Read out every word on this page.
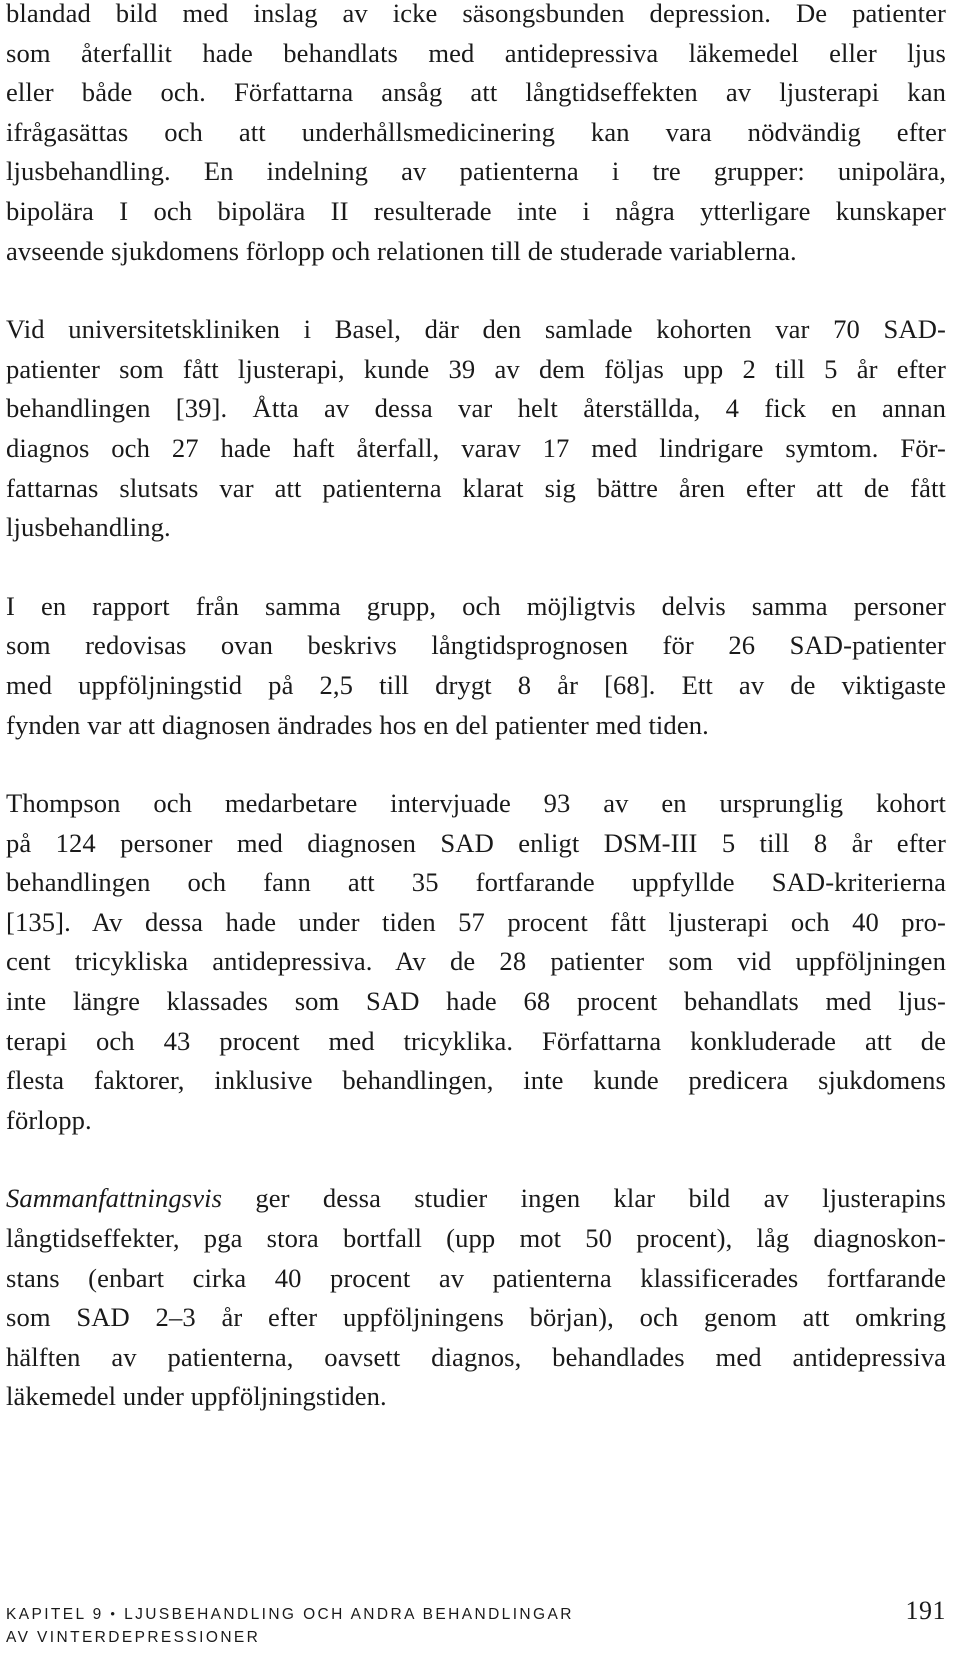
blandad bild med inslag av icke säsongsbunden depression. De patienter
som återfallit hade behandlats med antidepressiva läkemedel eller ljus
eller både och. Författarna ansåg att långtidseffekten av ljusterapi kan
ifrågasättas och att underhållsmedicinering kan vara nödvändig efter
ljusbehandling. En indelning av patienterna i tre grupper: unipolära,
bipolära I och bipolära II resulterade inte i några ytterligare kunskaper
avseende sjukdomens förlopp och relationen till de studerade variablerna.
Vid universitetskliniken i Basel, där den samlade kohorten var 70 SAD-
patienter som fått ljusterapi, kunde 39 av dem följas upp 2 till 5 år efter
behandlingen [39]. Åtta av dessa var helt återställda, 4 fick en annan
diagnos och 27 hade haft återfall, varav 17 med lindrigare symtom. För-
fattarnas slutsats var att patienterna klarat sig bättre åren efter att de fått
ljusbehandling.
I en rapport från samma grupp, och möjligtvis delvis samma personer
som redovisas ovan beskrivs långtidsprognosen för 26 SAD-patienter
med uppföljningstid på 2,5 till drygt 8 år [68]. Ett av de viktigaste
fynden var att diagnosen ändrades hos en del patienter med tiden.
Thompson och medarbetare intervjuade 93 av en ursprunglig kohort
på 124 personer med diagnosen SAD enligt DSM-III 5 till 8 år efter
behandlingen och fann att 35 fortfarande uppfyllde SAD-kriterierna
[135]. Av dessa hade under tiden 57 procent fått ljusterapi och 40 pro-
cent tricykliska antidepressiva. Av de 28 patienter som vid uppföljningen
inte längre klassades som SAD hade 68 procent behandlats med ljus-
terapi och 43 procent med tricyklika. Författarna konkluderade att de
flesta faktorer, inklusive behandlingen, inte kunde predicera sjukdomens
förlopp.
Sammanfattningsvis ger dessa studier ingen klar bild av ljusterapins
långtidseffekter, pga stora bortfall (upp mot 50 procent), låg diagnoskon-
stans (enbart cirka 40 procent av patienterna klassificerades fortfarande
som SAD 2–3 år efter uppföljningens början), och genom att omkring
hälften av patienterna, oavsett diagnos, behandlades med antidepressiva
läkemedel under uppföljningstiden.
KAPITEL 9 • LJUSBEHANDLING OCH ANDRA BEHANDLINGAR
AV VINTERDEPRESSIONER
191
